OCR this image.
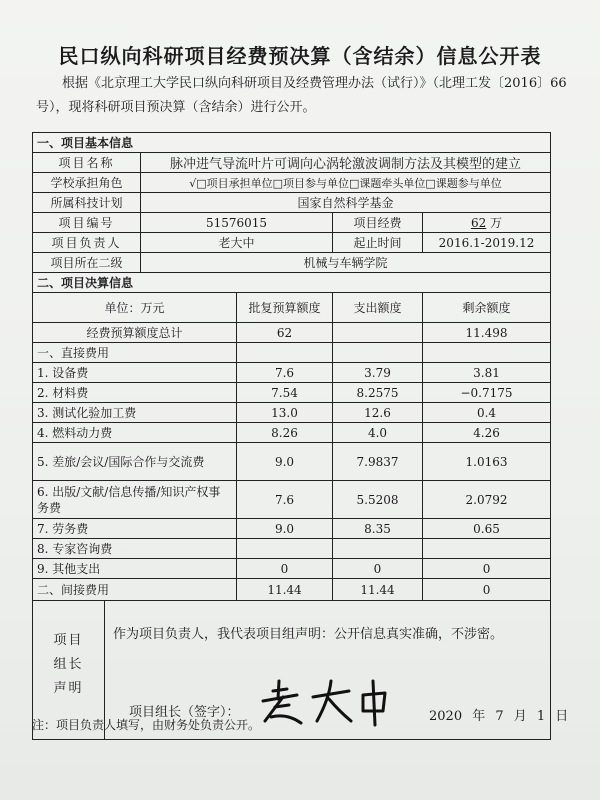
民口纵向科研项目经费预决算（含结余）信息公开表
根据《北京理工大学民口纵向科研项目及经费管理办法（试行）》（北理工发〔2016〕66号），现将科研项目预决算（含结余）进行公开。
一、项目基本信息				
项目名称	脉冲进气导流叶片可调向心涡轮激波调制方法及其模型的建立			
学校承担角色	√□项目承担单位□项目参与单位□课题牵头单位□课题参与单位			
所属科技计划	国家自然科学基金			
项目编号	51576015		项目经费	62 万
项目负责人	老大中		起止时间	2016.1-2019.12
项目所在二级	机械与车辆学院			
二、项目决算信息				
单位：万元		批复预算额度	支出额度	剩余额度
经费预算额度总计		62		11.498
一、直接费用				
1. 设备费		7.6	3.79	3.81
2. 材料费		7.54	8.2575	−0.7175
3. 测试化验加工费		13.0	12.6	0.4
4. 燃料动力费		8.26	4.0	4.26
5. 差旅/会议/国际合作与交流费		9.0	7.9837	1.0163
6. 出版/文献/信息传播/知识产权事务费		7.6	5.5208	2.0792
7. 劳务费		9.0	8.35	0.65
8. 专家咨询费				
9. 其他支出		0	0	0
二、间接费用		11.44	11.44	0

项目组长声明
作为项目负责人，我代表项目组声明：公开信息真实准确，不涉密。
项目组长（签字）： 2020 年 7 月 1 日				
注：项目负责人填写，由财务处负责公开。
